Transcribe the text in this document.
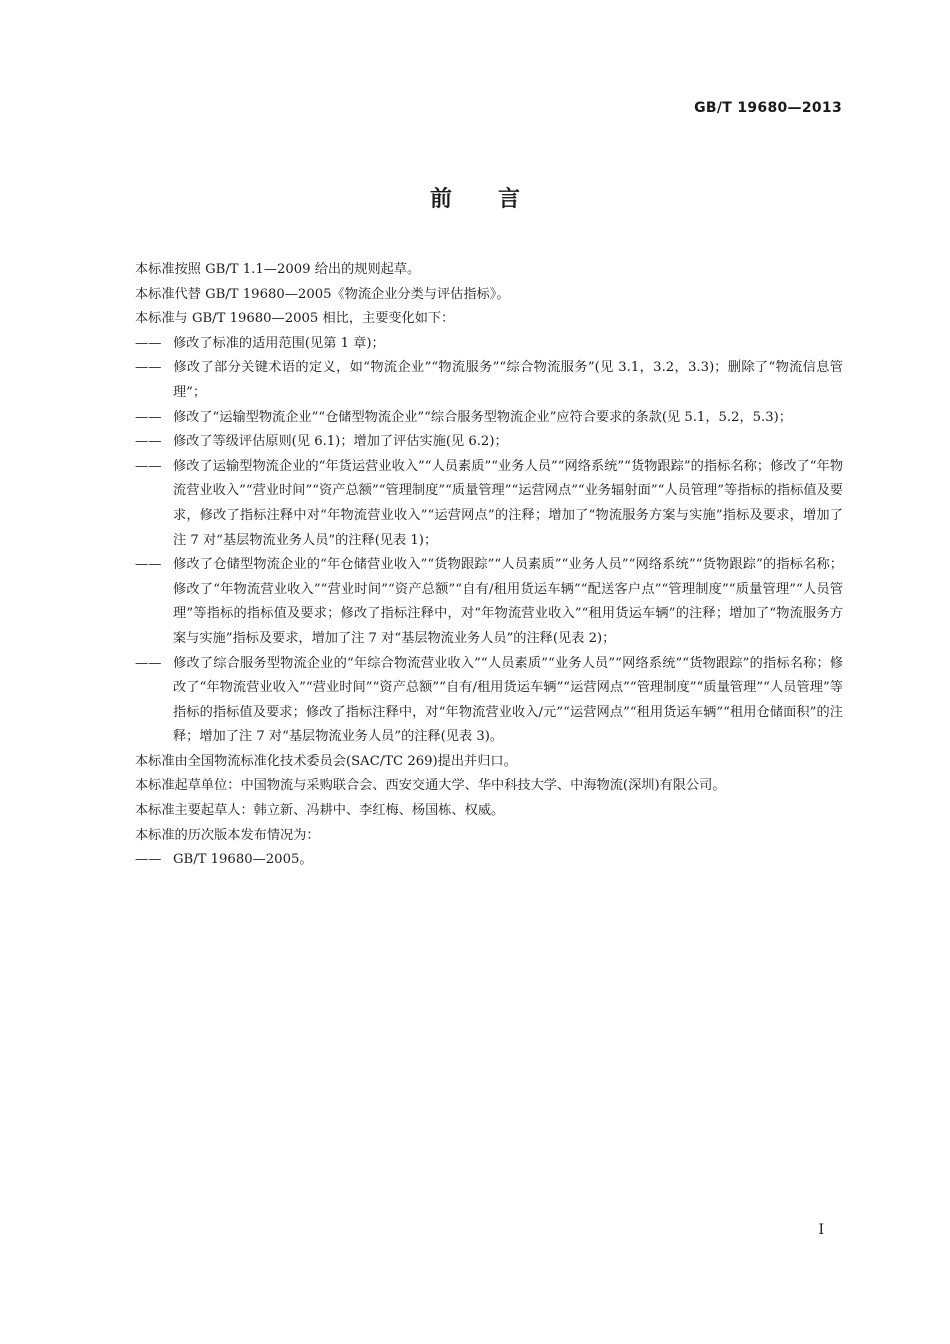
GB/T 19680—2013
前言

本标准按照 GB/T 1.1—2009 给出的规则起草。

本标准代替 GB/T 19680—2005《物流企业分类与评估指标》。

本标准与 GB/T 19680—2005 相比，主要变化如下：

—— 修改了标准的适用范围(见第 1 章)；

—— 修改了部分关键术语的定义，如“物流企业”“物流服务”“综合物流服务”(见 3.1，3.2，3.3)；删除了“物流信息管理”；

—— 修改了“运输型物流企业”“仓储型物流企业”“综合服务型物流企业”应符合要求的条款(见 5.1，5.2，5.3)；

—— 修改了等级评估原则(见 6.1)；增加了评估实施(见 6.2)；

—— 修改了运输型物流企业的“年货运营业收入”“人员素质”“业务人员”“网络系统”“货物跟踪”的指标名称；修改了“年物流营业收入”“营业时间”“资产总额”“管理制度”“质量管理”“运营网点”“业务辐射面”“人员管理”等指标的指标值及要求，修改了指标注释中对“年物流营业收入”“运营网点”的注释；增加了“物流服务方案与实施”指标及要求，增加了注 7 对“基层物流业务人员”的注释(见表 1)；

—— 修改了仓储型物流企业的“年仓储营业收入”“货物跟踪”“人员素质”“业务人员”“网络系统”“货物跟踪”的指标名称；修改了“年物流营业收入”“营业时间”“资产总额”“自有/租用货运车辆”“配送客户点”“管理制度”“质量管理”“人员管理”等指标的指标值及要求；修改了指标注释中，对“年物流营业收入”“租用货运车辆”的注释；增加了“物流服务方案与实施”指标及要求，增加了注 7 对“基层物流业务人员”的注释(见表 2)；

—— 修改了综合服务型物流企业的“年综合物流营业收入”“人员素质”“业务人员”“网络系统”“货物跟踪”的指标名称；修改了“年物流营业收入”“营业时间”“资产总额”“自有/租用货运车辆”“运营网点”“管理制度”“质量管理”“人员管理”等指标的指标值及要求；修改了指标注释中，对“年物流营业收入/元”“运营网点”“租用货运车辆”“租用仓储面积”的注释；增加了注 7 对“基层物流业务人员”的注释(见表 3)。

本标准由全国物流标准化技术委员会(SAC/TC 269)提出并归口。

本标准起草单位：中国物流与采购联合会、西安交通大学、华中科技大学、中海物流(深圳)有限公司。

本标准主要起草人：韩立新、冯耕中、李红梅、杨国栋、权威。

本标准的历次版本发布情况为：

—— GB/T 19680—2005。

I
